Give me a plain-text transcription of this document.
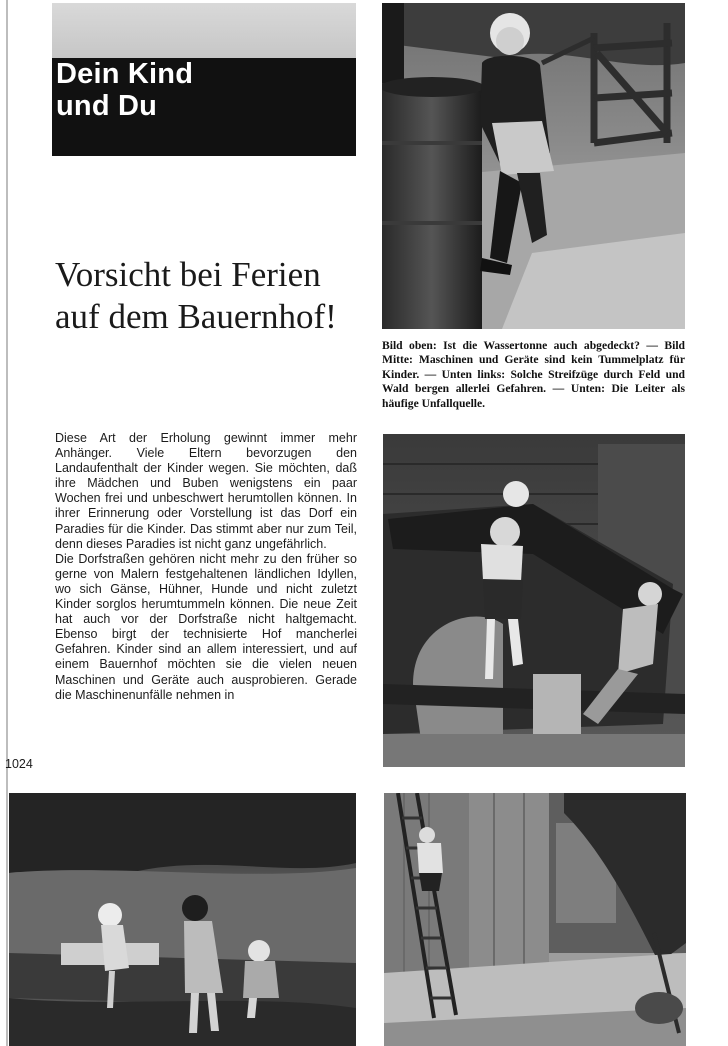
Dein Kind
und Du
Vorsicht bei Ferien
auf dem Bauernhof!
Bild oben: Ist die Wassertonne auch abgedeckt? — Bild Mitte: Maschinen und Geräte sind kein Tummelplatz für Kinder. — Unten links: Solche Streifzüge durch Feld und Wald bergen allerlei Gefahren. — Unten: Die Leiter als häufige Unfallquelle.

Diese Art der Erholung gewinnt immer mehr Anhänger. Viele Eltern bevorzugen den Landaufenthalt der Kinder wegen. Sie möchten, daß ihre Mädchen und Buben wenigstens ein paar Wochen frei und unbeschwert herumtollen können. In ihrer Erinnerung oder Vorstellung ist das Dorf ein Paradies für die Kinder. Das stimmt aber nur zum Teil, denn dieses Paradies ist nicht ganz ungefährlich.

Die Dorfstraßen gehören nicht mehr zu den früher so gerne von Malern festgehaltenen ländlichen Idyllen, wo sich Gänse, Hühner, Hunde und nicht zuletzt Kinder sorglos herumtummeln können. Die neue Zeit hat auch vor der Dorfstraße nicht haltgemacht. Ebenso birgt der technisierte Hof mancherlei Gefahren. Kinder sind an allem interessiert, und auf einem Bauernhof möchten sie die vielen neuen Maschinen und Geräte auch ausprobieren. Gerade die Maschinenunfälle nehmen in

1024
